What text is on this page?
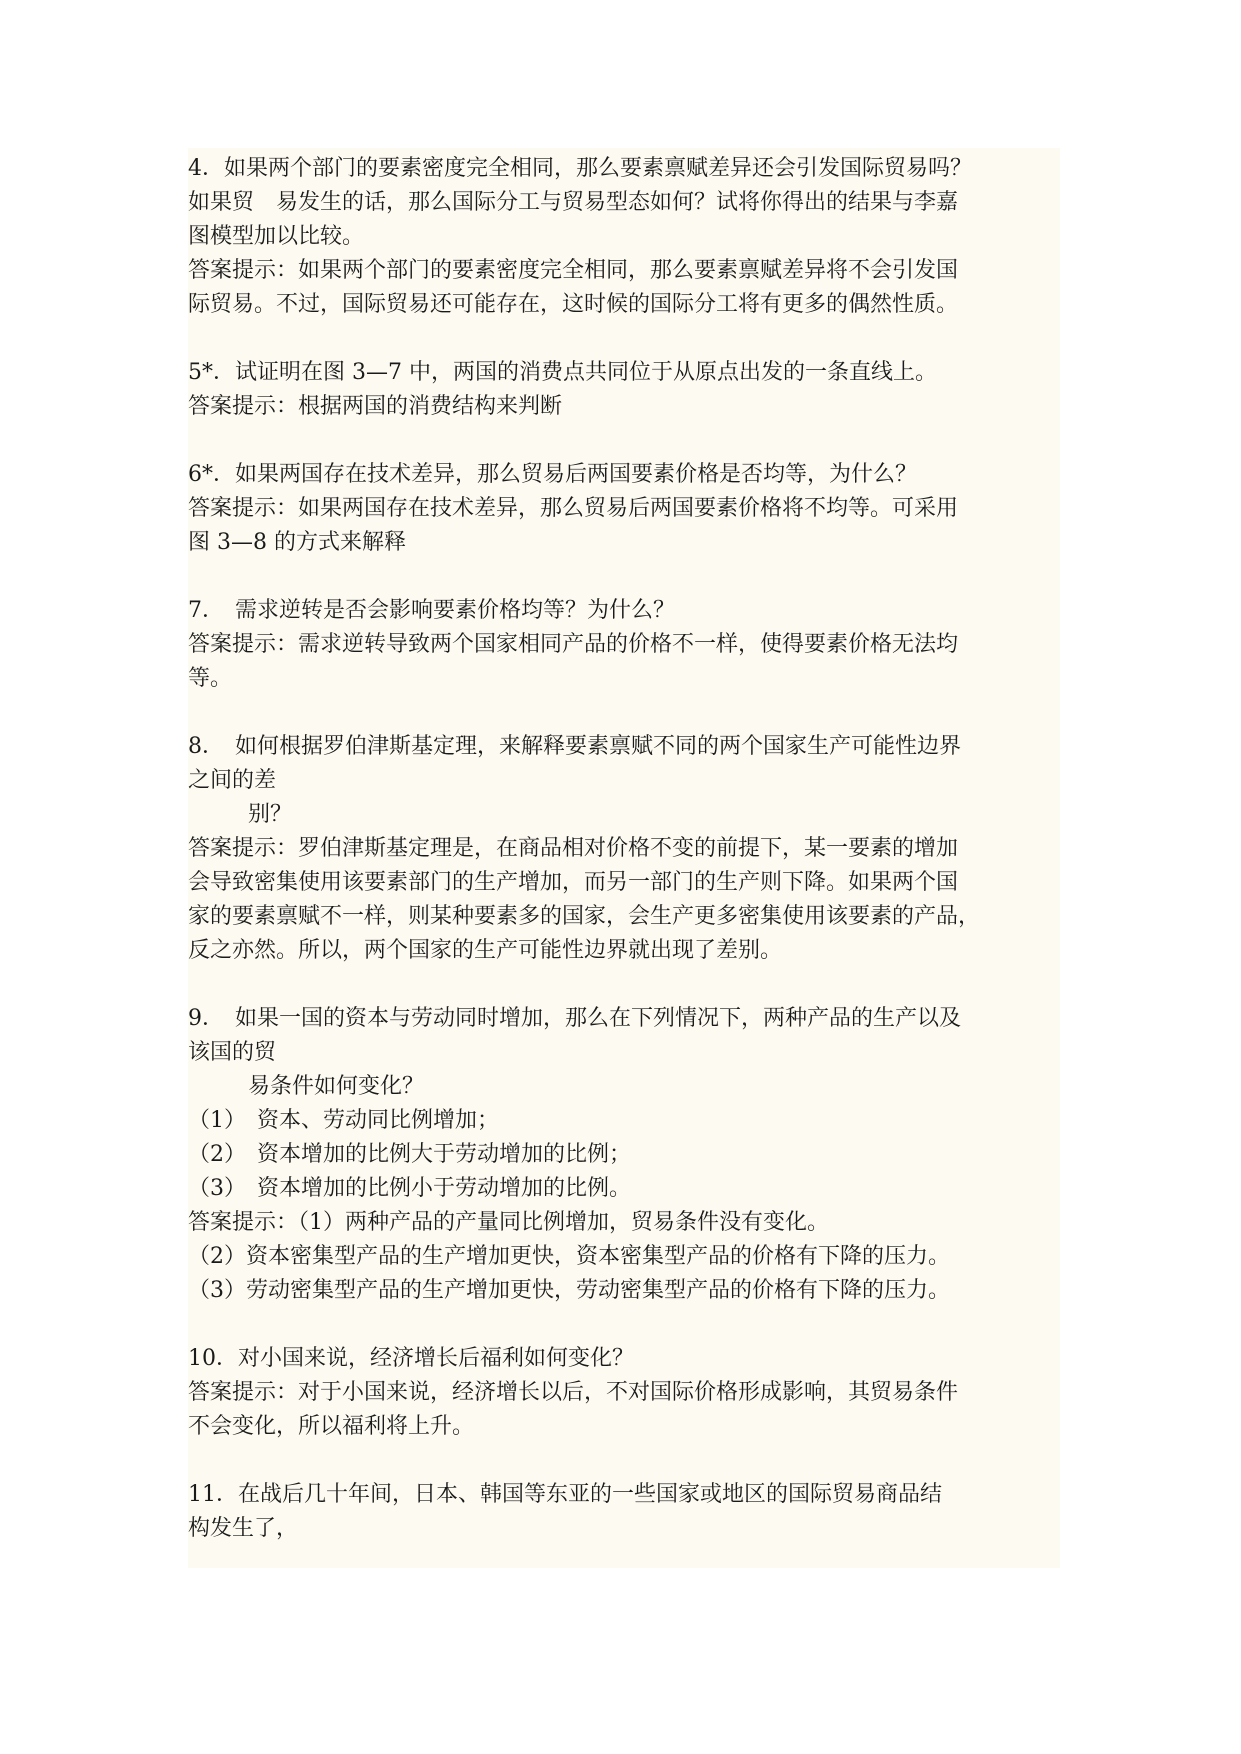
4．如果两个部门的要素密度完全相同，那么要素禀赋差异还会引发国际贸易吗？
如果贸　易发生的话，那么国际分工与贸易型态如何？试将你得出的结果与李嘉
图模型加以比较。
答案提示：如果两个部门的要素密度完全相同，那么要素禀赋差异将不会引发国
际贸易。不过，国际贸易还可能存在，这时候的国际分工将有更多的偶然性质。
5*．试证明在图 3—7 中，两国的消费点共同位于从原点出发的一条直线上。
答案提示：根据两国的消费结构来判断
6*．如果两国存在技术差异，那么贸易后两国要素价格是否均等，为什么？
答案提示：如果两国存在技术差异，那么贸易后两国要素价格将不均等。可采用
图 3—8 的方式来解释
7．　需求逆转是否会影响要素价格均等？为什么？
答案提示：需求逆转导致两个国家相同产品的价格不一样，使得要素价格无法均
等。
8．　如何根据罗伯津斯基定理，来解释要素禀赋不同的两个国家生产可能性边界
之间的差
　别？
答案提示：罗伯津斯基定理是，在商品相对价格不变的前提下，某一要素的增加
会导致密集使用该要素部门的生产增加，而另一部门的生产则下降。如果两个国
家的要素禀赋不一样，则某种要素多的国家，会生产更多密集使用该要素的产品，
反之亦然。所以，两个国家的生产可能性边界就出现了差别。
9．　如果一国的资本与劳动同时增加，那么在下列情况下，两种产品的生产以及
该国的贸
　易条件如何变化？
（1）　资本、劳动同比例增加；
（2）　资本增加的比例大于劳动增加的比例；
（3）　资本增加的比例小于劳动增加的比例。
答案提示：（1）两种产品的产量同比例增加，贸易条件没有变化。
（2）资本密集型产品的生产增加更快，资本密集型产品的价格有下降的压力。
（3）劳动密集型产品的生产增加更快，劳动密集型产品的价格有下降的压力。
10．对小国来说，经济增长后福利如何变化？
答案提示：对于小国来说，经济增长以后，不对国际价格形成影响，其贸易条件
不会变化，所以福利将上升。
11．在战后几十年间，日本、韩国等东亚的一些国家或地区的国际贸易商品结
构发生了，
